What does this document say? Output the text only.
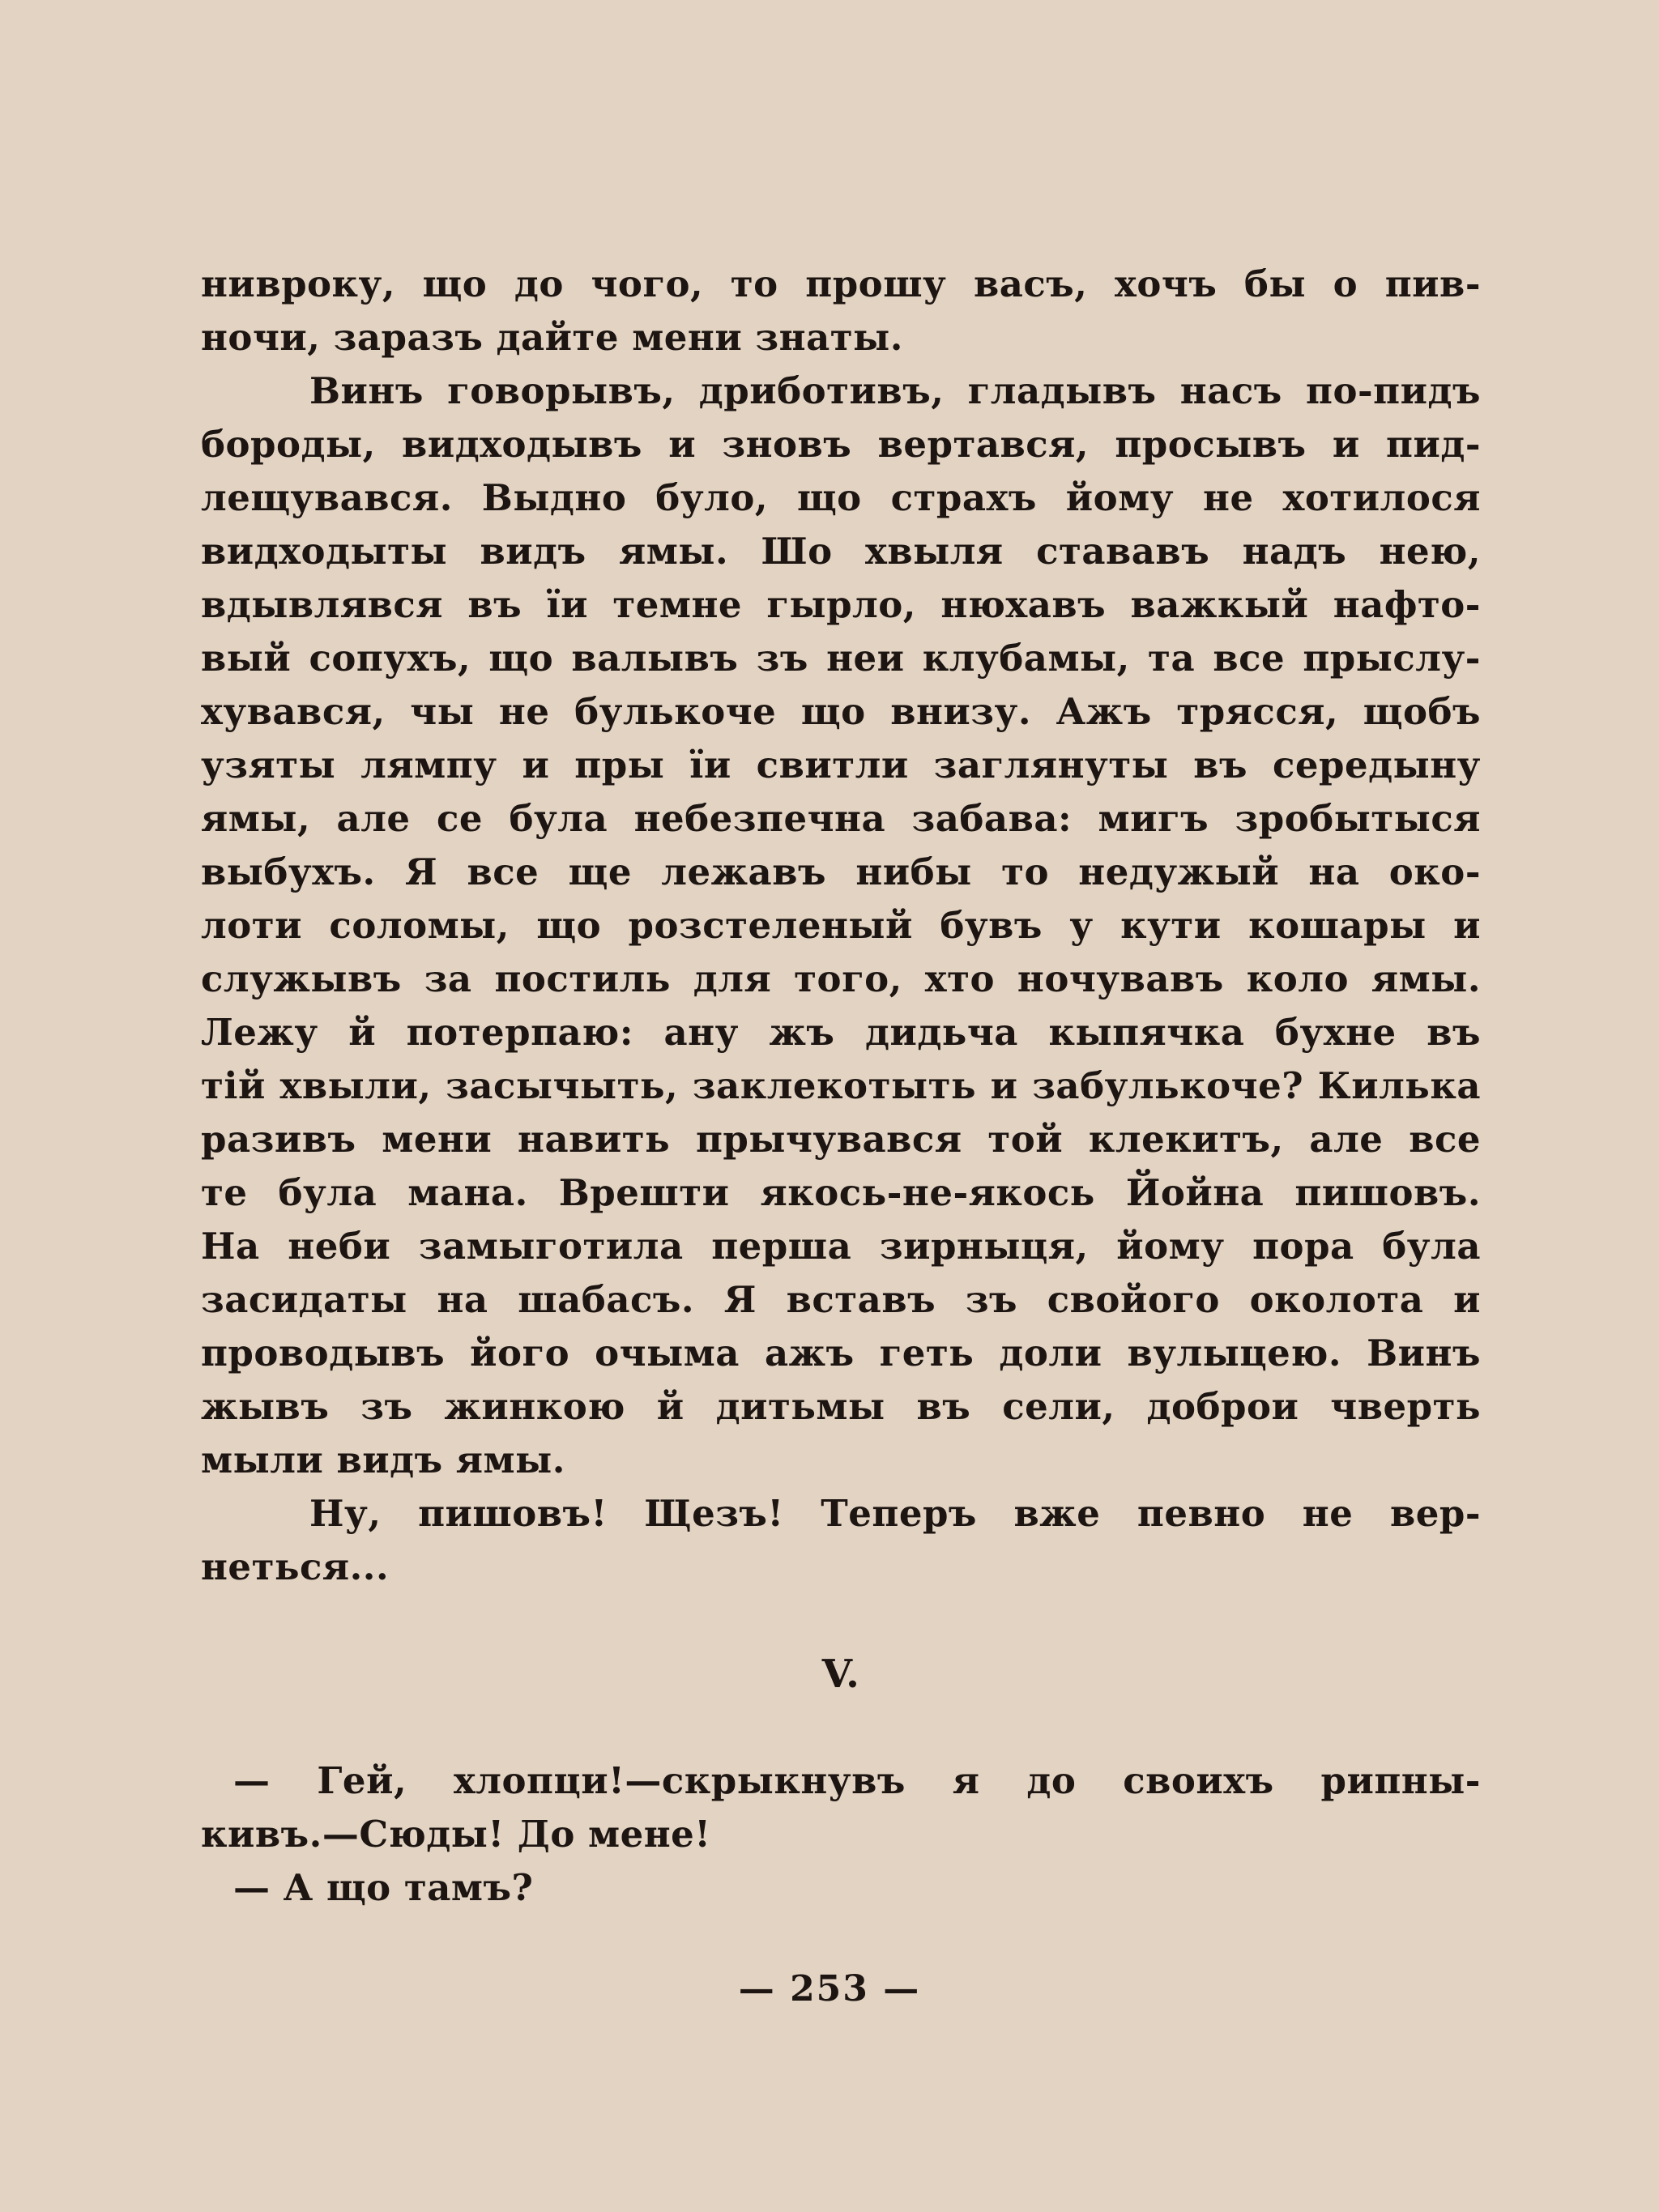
нивроку, що до чого, то прошу васъ, хочъ бы о пив-
ночи, заразъ дайте мени знаты.
Винъ говорывъ, дриботивъ, гладывъ насъ по-пидъ
бороды, видходывъ и зновъ вертався, просывъ и пид-
лещувався. Выдно було, що страхъ йому не хотилося
видходыты видъ ямы. Шо хвыля стававъ надъ нею,
вдывлявся въ ïи темне гырло, нюхавъ важкый нафто-
вый сопухъ, що валывъ зъ неи клубамы, та все прыслу-
хувався, чы не булькоче що внизу. Ажъ трясся, щобъ
узяты лямпу и пры ïи свитли заглянуты въ середыну
ямы, але се була небезпечна забава: мигъ зробытыся
выбухъ. Я все ще лежавъ нибы то недужый на око-
лоти соломы, що розстеленый бувъ у кути кошары и
служывъ за постиль для того, хто ночувавъ коло ямы.
Лежу й потерпаю: ану жъ дидьча кыпячка бухне въ
тій хвыли, засычыть, заклекотыть и забулькоче? Килька
разивъ мени навить прычувався той клекитъ, але все
те була мана. Врешти якось-не-якось Йойна пишовъ.
На неби замыготила перша зирныця, йому пора була
засидаты на шабасъ. Я вставъ зъ свойого околота и
проводывъ його очыма ажъ геть доли вулыцею. Винъ
жывъ зъ жинкою й дитьмы въ сели, доброи чверть
мыли видъ ямы.
Ну, пишовъ! Щезъ! Теперъ вже певно не вер-
неться...
V.
— Гей, хлопци!—скрыкнувъ я до своихъ рипны-
кивъ.—Сюды! До мене!
— А що тамъ?
— 253 —
